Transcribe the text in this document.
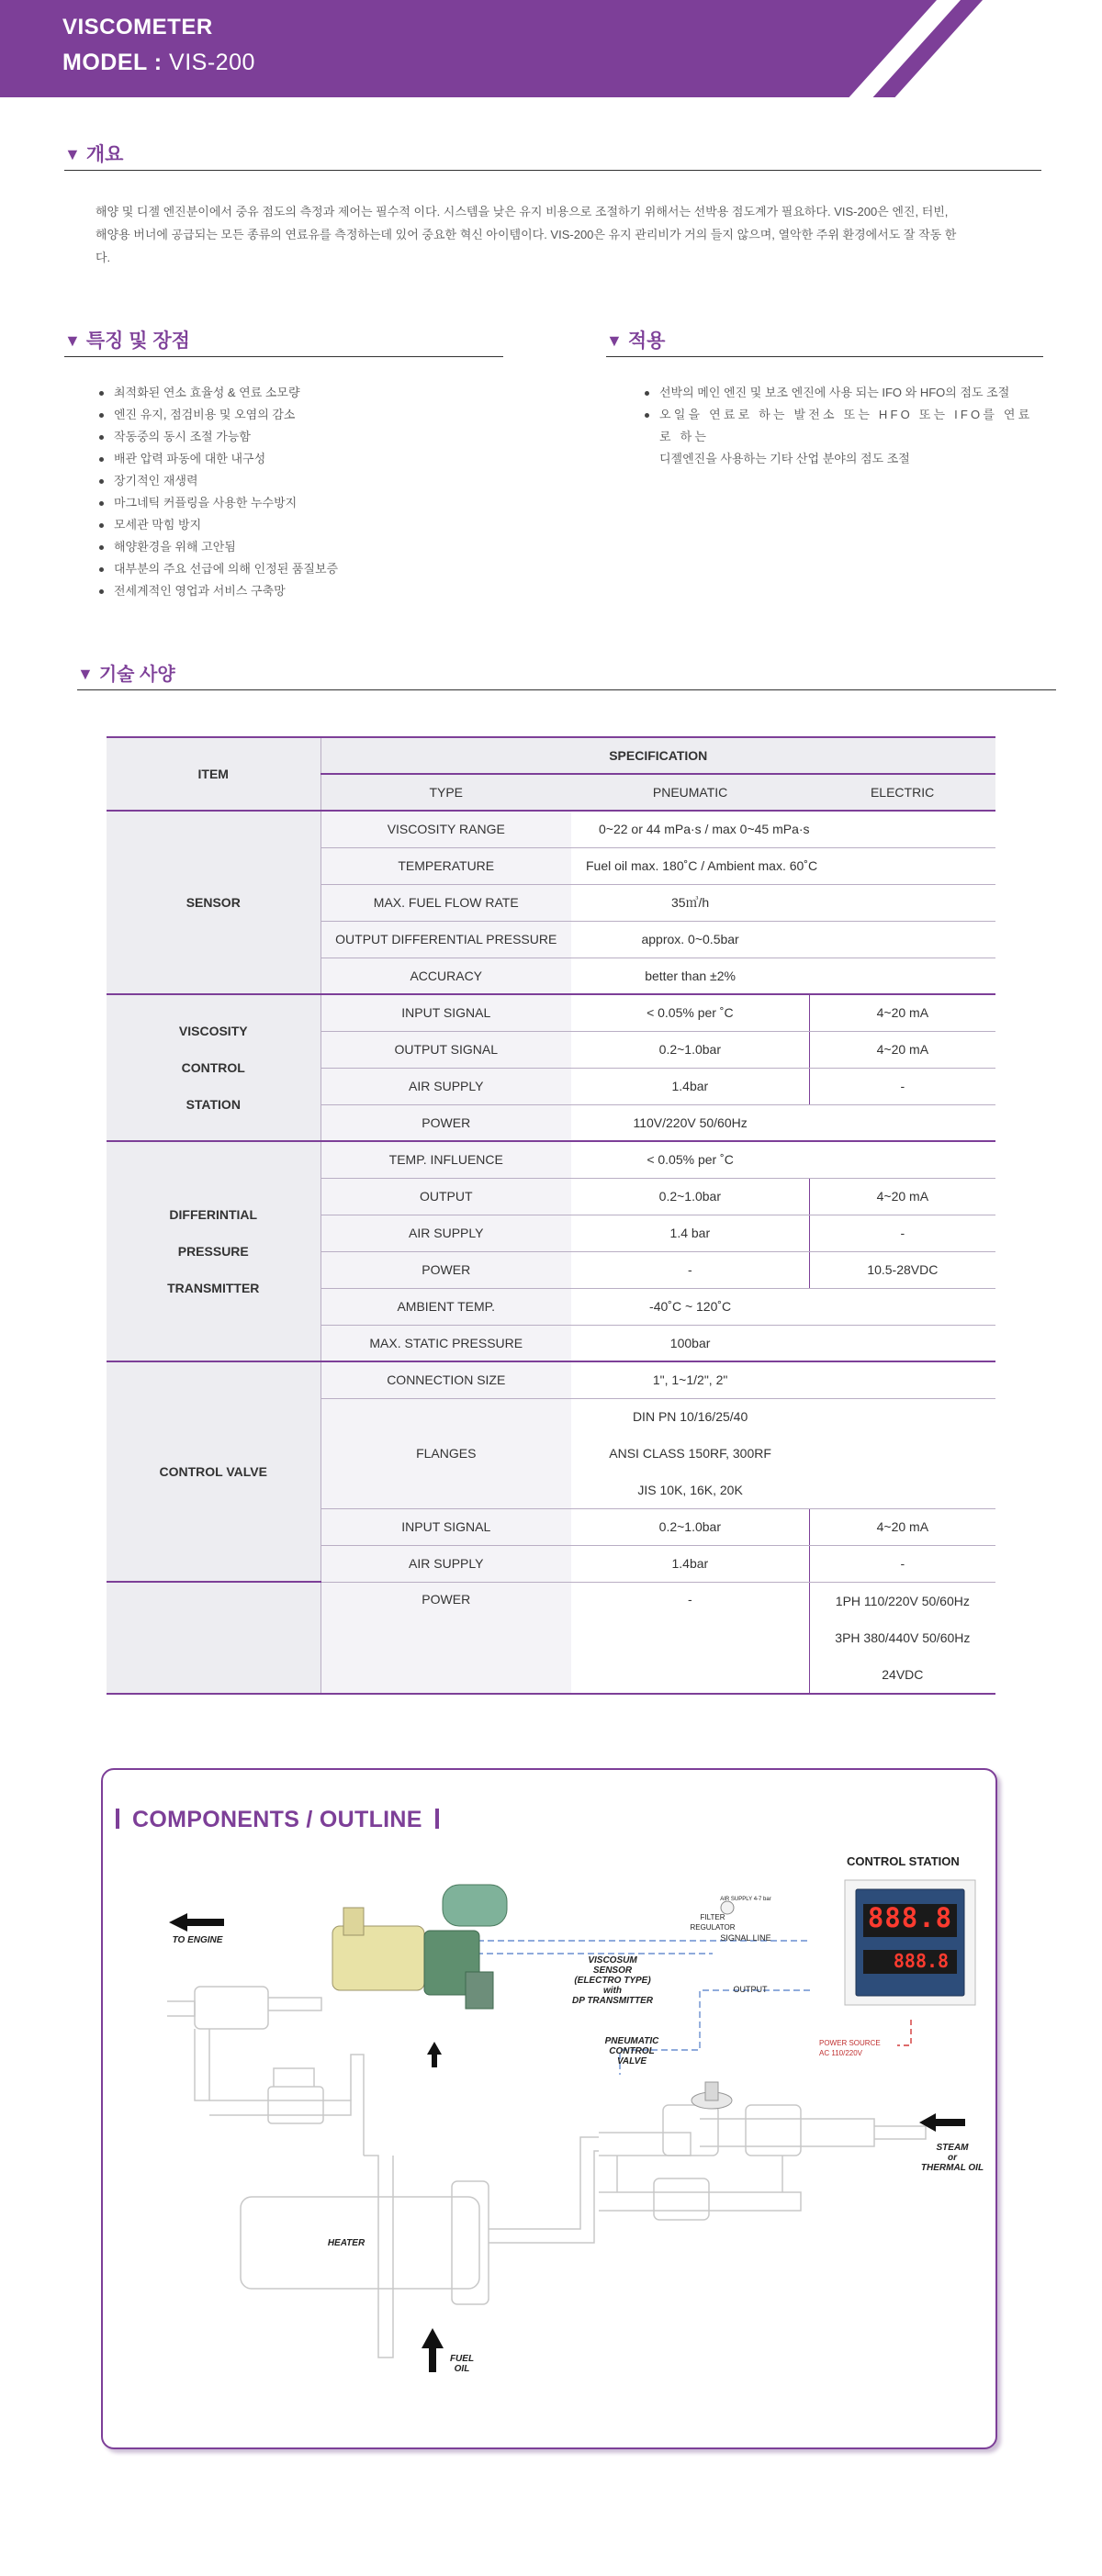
VISCOMETER
MODEL : VIS-200
▼ 개요
해양 및 디젤 엔진분이에서 중유 점도의 측정과 제어는 필수적 이다. 시스템을 낮은 유지 비용으로 조절하기 위해서는 선박용 점도계가 필요하다. VIS-200은 엔진, 터빈,
해양용 버너에 공급되는 모든 종류의 연료유를 측정하는데 있어 중요한 혁신 아이템이다. VIS-200은 유지 관리비가 거의 들지 않으며, 열악한 주위 환경에서도 잘 작동 한
다.
▼ 특징 및 장점
최적화된 연소 효율성 & 연료 소모량
엔진 유지, 점검비용 및 오염의 감소
작동중의 동시 조절 가능함
배관 압력 파동에 대한 내구성
장기적인 재생력
마그네틱 커플링을 사용한 누수방지
모세관 막힘 방지
해양환경을 위해 고안됨
대부분의 주요 선급에 의해 인정된 품질보증
전세계적인 영업과 서비스 구축망
▼ 적용
선박의 메인 엔진 및 보조 엔진에 사용 되는 IFO 와 HFO의 점도 조절
오일을 연료로 하는 발전소 또는 HFO 또는 IFO를 연료로 하는
디젤엔진을 사용하는 기타 산업 분야의 점도 조절
▼ 기술 사양
ITEM	SPECIFICATION		
	TYPE	PNEUMATIC	ELECTRIC
SENSOR	VISCOSITY RANGE	0~22 or 44 mPa·s / max 0~45 mPa·s	
	TEMPERATURE	Fuel oil max. 180˚C / Ambient max. 60˚C	
	MAX. FUEL FLOW RATE	35㎥/h	
	OUTPUT DIFFERENTIAL PRESSURE	approx. 0~0.5bar	
	ACCURACY	better than ±2%	

VISCOSITY
CONTROL
STATION	INPUT SIGNAL	< 0.05% per ˚C	4~20 mA
	OUTPUT SIGNAL	0.2~1.0bar	4~20 mA
	AIR SUPPLY	1.4bar	-
	POWER	110V/220V 50/60Hz	

DIFFERINTIAL
PRESSURE
TRANSMITTER	TEMP. INFLUENCE	< 0.05% per ˚C	
	OUTPUT	0.2~1.0bar	4~20 mA
	AIR SUPPLY	1.4 bar	-
	POWER	-	10.5-28VDC
	AMBIENT TEMP.	-40˚C ~ 120˚C	
	MAX. STATIC PRESSURE	100bar	
CONTROL VALVE	CONNECTION SIZE	1", 1~1/2", 2"	
	FLANGES	DIN PN 10/16/25/40	
		ANSI CLASS 150RF, 300RF	
		JIS 10K, 16K, 20K	
	INPUT SIGNAL	0.2~1.0bar	4~20 mA
	AIR SUPPLY	1.4bar	-
	POWER	-	1PH 110/220V 50/60Hz
3PH 380/440V 50/60Hz
24VDC
COMPONENTS / OUTLINE
888.8
888.8
CONTROL STATION
TO ENGINE
AIR SUPPLY 4-7 bar
FILTER REGULATOR
SIGNAL LINE
VISCOSUM
SENSOR
(ELECTRO TYPE)
with
DP TRANSMITTER
OUTPUT
PNEUMATIC
CONTROL
VALVE
POWER SOURCE
AC 110/220V
STEAM
or
THERMAL OIL
HEATER
FUEL
OIL
